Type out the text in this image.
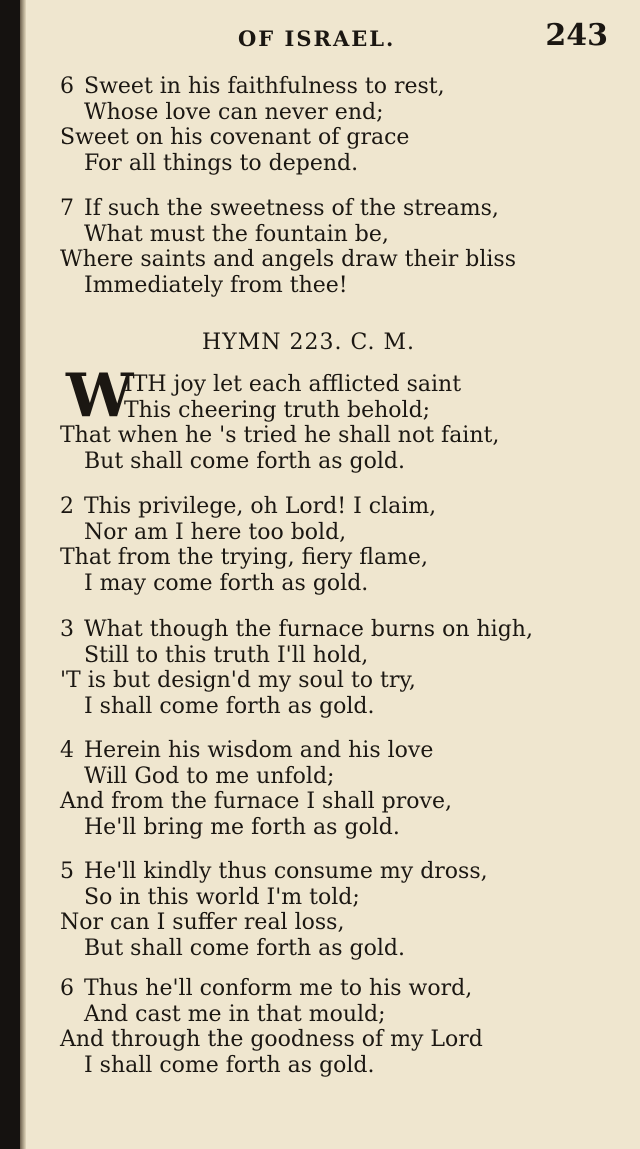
OF ISRAEL.	243
6 Sweet in his faithfulness to rest,
Whose love can never end;
Sweet on his covenant of grace
For all things to depend.
7 If such the sweetness of the streams,
What must the fountain be,
Where saints and angels draw their bliss
Immediately from thee!
HYMN 223. C. M.
W
ITH joy let each afflicted saint
This cheering truth behold;
That when he 's tried he shall not faint,
But shall come forth as gold.
2 This privilege, oh Lord! I claim,
Nor am I here too bold,
That from the trying, fiery flame,
I may come forth as gold.
3 What though the furnace burns on high,
Still to this truth I'll hold,
'T is but design'd my soul to try,
I shall come forth as gold.
4 Herein his wisdom and his love
Will God to me unfold;
And from the furnace I shall prove,
He'll bring me forth as gold.
5 He'll kindly thus consume my dross,
So in this world I'm told;
Nor can I suffer real loss,
But shall come forth as gold.
6 Thus he'll conform me to his word,
And cast me in that mould;
And through the goodness of my Lord
I shall come forth as gold.
